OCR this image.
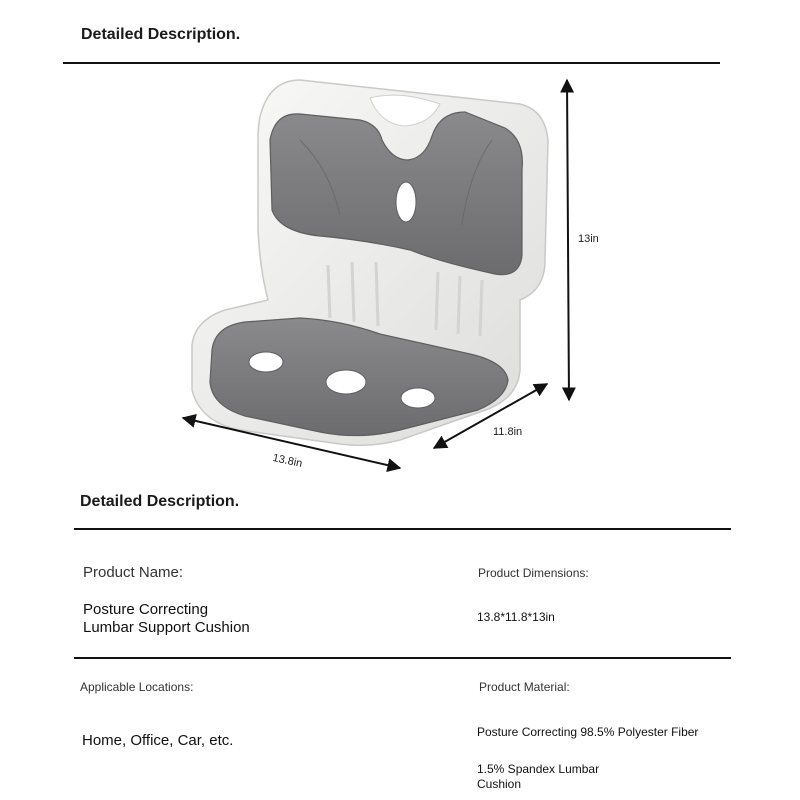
Detailed Description.
13in
11.8in
13.8in
Detailed Description.
Product Name:
Posture Correcting
Lumbar Support Cushion
Product Dimensions:
13.8*11.8*13in
Applicable Locations:
Home, Office, Car, etc.
Product Material:
Posture Correcting 98.5% Polyester Fiber
1.5% Spandex Lumbar
Cushion
